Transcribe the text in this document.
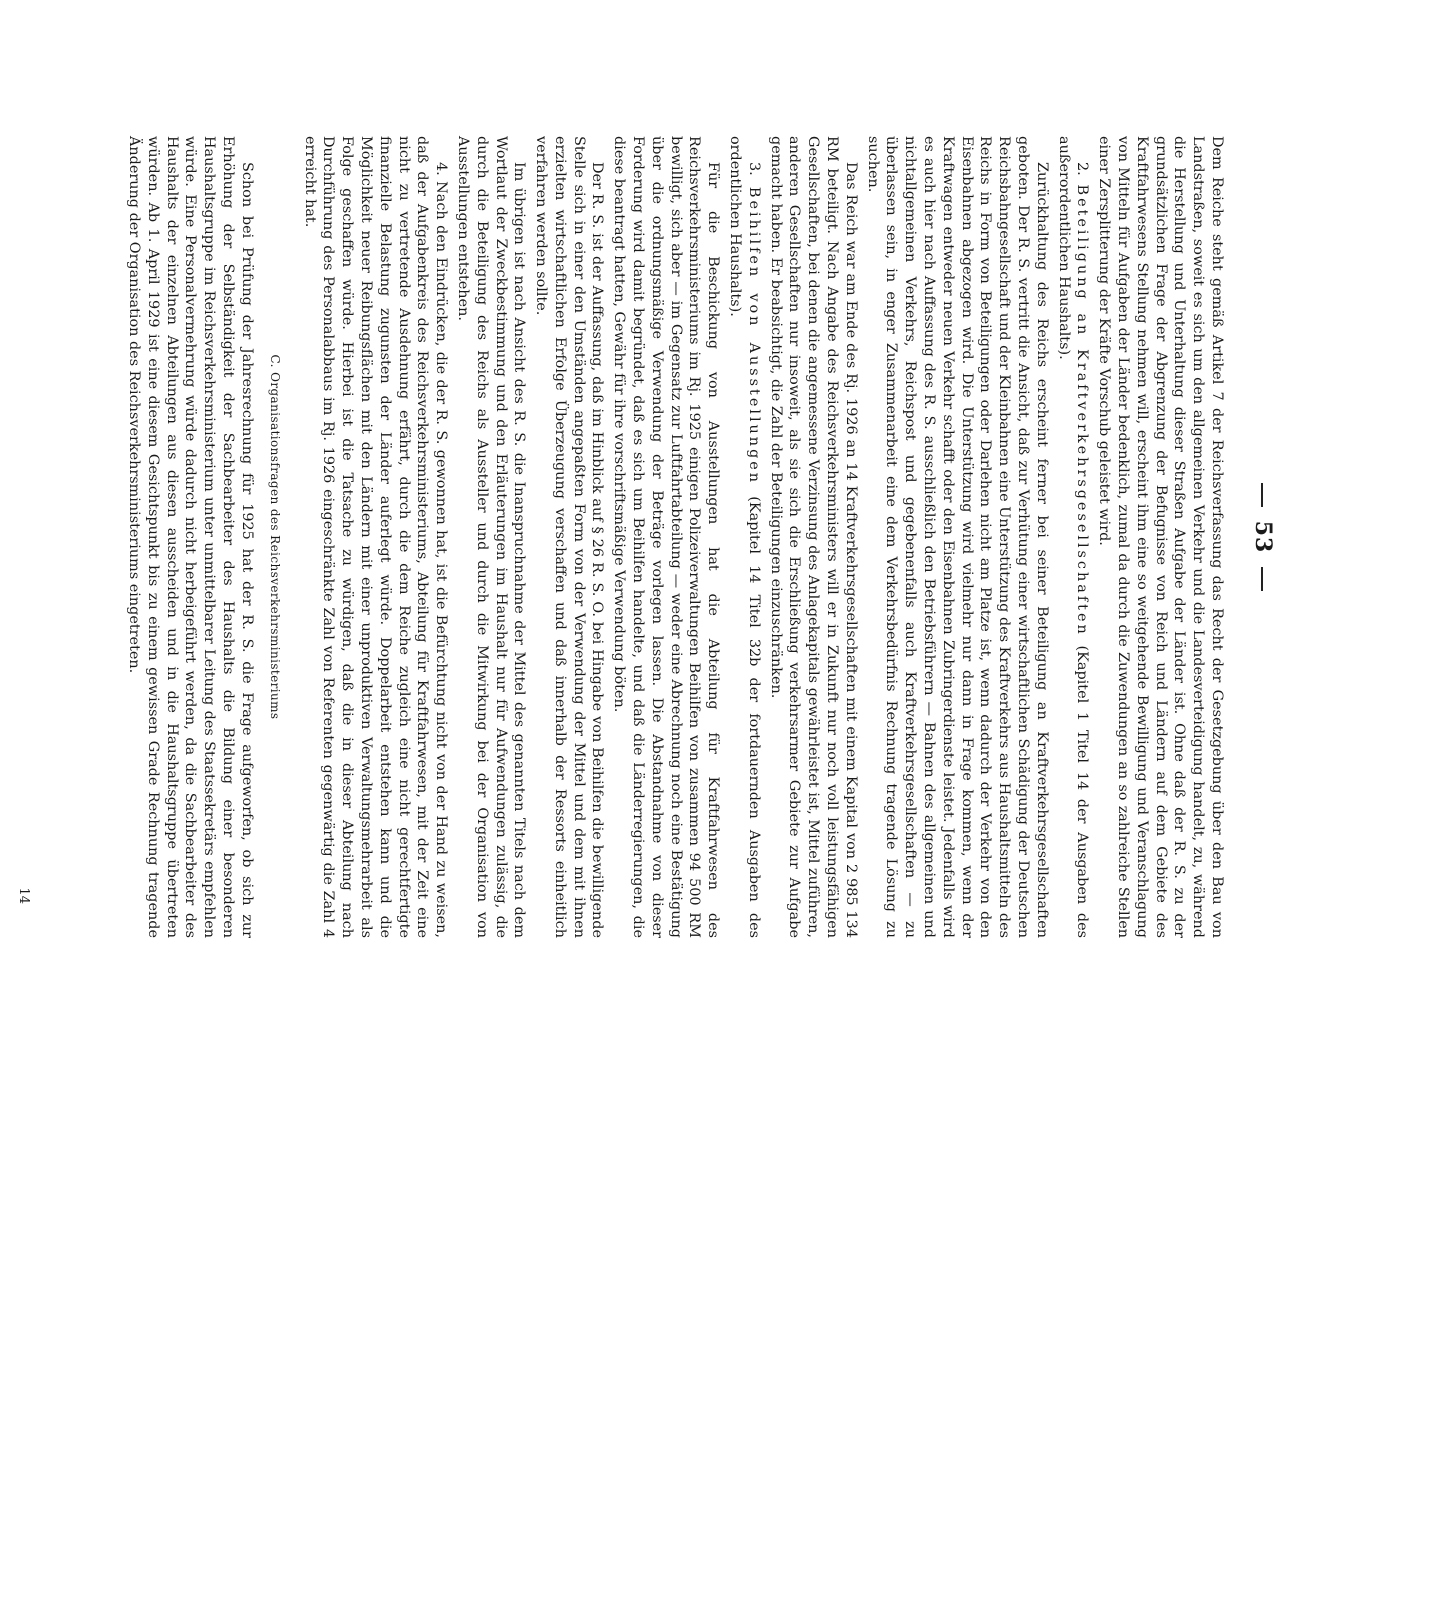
53

Dem Reiche steht gemäß Artikel 7 der Reichsverfassung das Recht der Gesetzgebung über den Bau von Landstraßen, soweit es sich um den allgemeinen Verkehr und die Landesverteidigung handelt, zu, während die Herstellung und Unterhaltung dieser Straßen Aufgabe der Länder ist. Ohne daß der R. S. zu der grundsätzlichen Frage der Abgrenzung der Befugnisse von Reich und Ländern auf dem Gebiete des Kraftfahrwesens Stellung nehmen will, erscheint ihm eine so weitgehende Bewilligung und Veranschlagung von Mitteln für Aufgaben der Länder bedenklich, zumal da durch die Zuwendungen an so zahlreiche Stellen einer Zersplitterung der Kräfte Vorschub geleistet wird.

2. Beteiligung an Kraftverkehrsgesellschaften (Kapitel 1 Titel 14 der Ausgaben des außerordentlichen Haushalts).

Zurückhaltung des Reichs erscheint ferner bei seiner Beteiligung an Kraftverkehrsgesellschaften geboten. Der R. S. vertritt die Ansicht, daß zur Verhütung einer wirtschaftlichen Schädigung der Deutschen Reichsbahngesellschaft und der Kleinbahnen eine Unterstützung des Kraftverkehrs aus Haushaltsmitteln des Reichs in Form von Beteiligungen oder Darlehen nicht am Platze ist, wenn dadurch der Verkehr von den Eisenbahnen abgezogen wird. Die Unterstützung wird vielmehr nur dann in Frage kommen, wenn der Kraftwagen entweder neuen Verkehr schafft oder den Eisenbahnen Zubringerdienste leistet. Jedenfalls wird es auch hier nach Auffassung des R. S. ausschließlich den Betriebsführern — Bahnen des allgemeinen und nichtallgemeinen Verkehrs, Reichspost und gegebenenfalls auch Kraftverkehrsgesellschaften — zu überlassen sein, in enger Zusammenarbeit eine dem Verkehrsbedürfnis Rechnung tragende Lösung zu suchen.

Das Reich war am Ende des Rj. 1926 an 14 Kraftverkehrsgesellschaften mit einem Kapital von 2 985 134 RM beteiligt. Nach Angabe des Reichsverkehrsministers will er in Zukunft nur noch voll leistungsfähigen Gesellschaften, bei denen die angemessene Verzinsung des Anlagekapitals gewährleistet ist, Mittel zuführen, anderen Gesellschaften nur insoweit, als sie sich die Erschließung verkehrsarmer Gebiete zur Aufgabe gemacht haben. Er beabsichtigt, die Zahl der Beteiligungen einzuschränken.

3. Beihilfen von Ausstellungen (Kapitel 14 Titel 32b der fortdauernden Ausgaben des ordentlichen Haushalts).

Für die Beschickung von Ausstellungen hat die Abteilung für Kraftfahrwesen des Reichsverkehrsministeriums im Rj. 1925 einigen Polizeiverwaltungen Beihilfen von zusammen 94 500 RM bewilligt, sich aber — im Gegensatz zur Luftfahrtabteilung — weder eine Abrechnung noch eine Bestätigung über die ordnungsmäßige Verwendung der Beträge vorlegen lassen. Die Abstandnahme von dieser Forderung wird damit begründet, daß es sich um Beihilfen handelte, und daß die Länderregierungen, die diese beantragt hatten, Gewähr für ihre vorschriftsmäßige Verwendung böten.

Der R. S. ist der Auffassung, daß im Hinblick auf § 26 R. S. O. bei Hingabe von Beihilfen die bewilligende Stelle sich in einer den Umständen angepaßten Form von der Verwendung der Mittel und dem mit ihnen erzielten wirtschaftlichen Erfolge Überzeugung verschaffen und daß innerhalb der Ressorts einheitlich verfahren werden sollte.

Im übrigen ist nach Ansicht des R. S. die Inanspruchnahme der Mittel des genannten Titels nach dem Wortlaut der Zweckbestimmung und den Erläuterungen im Haushalt nur für Aufwendungen zulässig, die durch die Beteiligung des Reichs als Aussteller und durch die Mitwirkung bei der Organisation von Ausstellungen entstehen.

4. Nach den Eindrücken, die der R. S. gewonnen hat, ist die Befürchtung nicht von der Hand zu weisen, daß der Aufgabenkreis des Reichsverkehrsministeriums, Abteilung für Kraftfahrwesen, mit der Zeit eine nicht zu vertretende Ausdehnung erfährt, durch die dem Reiche zugleich eine nicht gerechtfertigte finanzielle Belastung zugunsten der Länder auferlegt würde. Doppelarbeit entstehen kann und die Möglichkeit neuer Reibungsflächen mit den Ländern mit einer unproduktiven Verwaltungsmehrarbeit als Folge geschaffen würde. Hierbei ist die Tatsache zu würdigen, daß die in dieser Abteilung nach Durchführung des Personalabbaus im Rj. 1926 eingeschränkte Zahl von Referenten gegenwärtig die Zahl 4 erreicht hat.

C. Organisationsfragen des Reichsverkehrsministeriums

Schon bei Prüfung der Jahresrechnung für 1925 hat der R. S. die Frage aufgeworfen, ob sich zur Erhöhung der Selbständigkeit der Sachbearbeiter des Haushalts die Bildung einer besonderen Haushaltsgruppe im Reichsverkehrsministerium unter unmittelbarer Leitung des Staatssekretärs empfehlen würde. Eine Personalvermehrung würde dadurch nicht herbeigeführt werden, da die Sachbearbeiter des Haushalts der einzelnen Abteilungen aus diesen ausscheiden und in die Haushaltsgruppe übertreten würden. Ab 1. April 1929 ist eine diesem Gesichtspunkt bis zu einem gewissen Grade Rechnung tragende Änderung der Organisation des Reichsverkehrsministeriums eingetreten.

14
